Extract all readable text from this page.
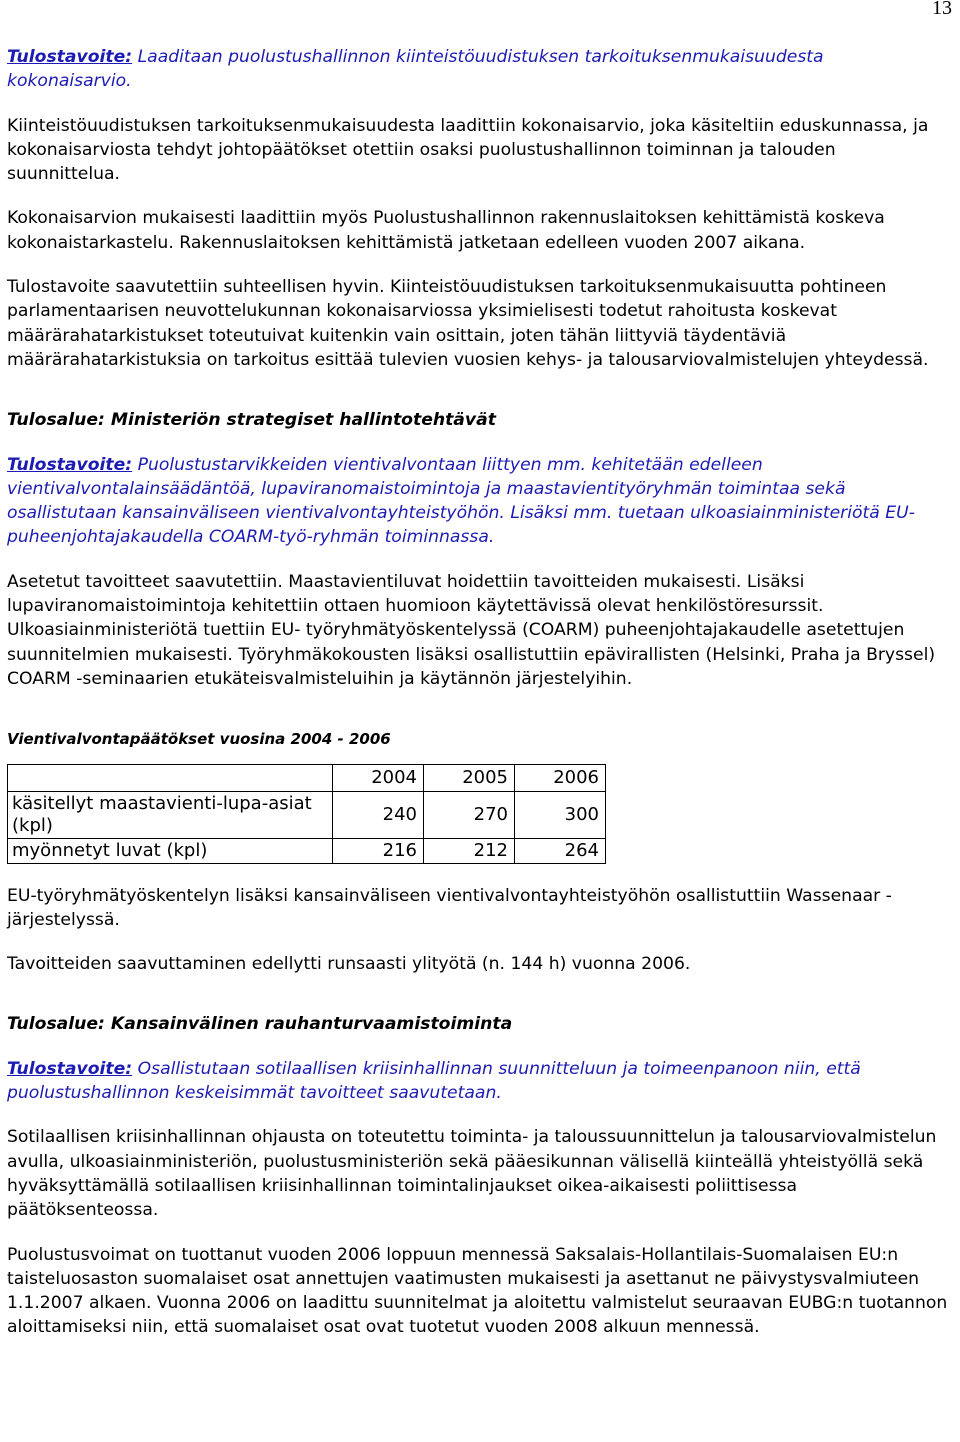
13

Tulostavoite: Laaditaan puolustushallinnon kiinteistöuudistuksen tarkoituksenmukaisuudesta kokonaisarvio.

Kiinteistöuudistuksen tarkoituksenmukaisuudesta laadittiin kokonaisarvio, joka käsiteltiin eduskunnassa, ja kokonaisarviosta tehdyt johtopäätökset otettiin osaksi puolustushallinnon toiminnan ja talouden suunnittelua.

Kokonaisarvion mukaisesti laadittiin myös Puolustushallinnon rakennuslaitoksen kehittämistä koskeva kokonaistarkastelu. Rakennuslaitoksen kehittämistä jatketaan edelleen vuoden 2007 aikana.

Tulostavoite saavutettiin suhteellisen hyvin. Kiinteistöuudistuksen tarkoituksenmukaisuutta pohtineen parlamentaarisen neuvottelukunnan kokonaisarviossa yksimielisesti todetut rahoitusta koskevat määrärahatarkistukset toteutuivat kuitenkin vain osittain, joten tähän liittyviä täydentäviä määrärahatarkistuksia on tarkoitus esittää tulevien vuosien kehys- ja talousarviovalmistelujen yhteydessä.

Tulosalue: Ministeriön strategiset hallintotehtävät

Tulostavoite: Puolustustarvikkeiden vientivalvontaan liittyen mm. kehitetään edelleen vientivalvontalainsäädäntöä, lupaviranomaistoimintoja ja maastavientityöryhmän toimintaa sekä osallistutaan kansainväliseen vientivalvontayhteistyöhön. Lisäksi mm. tuetaan ulkoasiainministeriötä EU-puheenjohtajakaudella COARM-työ-ryhmän toiminnassa.

Asetetut tavoitteet saavutettiin. Maastavientiluvat hoidettiin tavoitteiden mukaisesti. Lisäksi lupaviranomaistoimintoja kehitettiin ottaen huomioon käytettävissä olevat henkilöstöresurssit. Ulkoasiainministeriötä tuettiin EU- työryhmätyöskentelyssä (COARM) puheenjohtajakaudelle asetettujen suunnitelmien mukaisesti. Työryhmäkokousten lisäksi osallistuttiin epävirallisten (Helsinki, Praha ja Bryssel) COARM -seminaarien etukäteisvalmisteluihin ja käytännön järjestelyihin.

Vientivalvontapäätökset vuosina 2004 - 2006

	2004	2005	2006
käsitellyt maastavienti-lupa-asiat (kpl)	240	270	300
myönnetyt luvat (kpl)	216	212	264

EU-työryhmätyöskentelyn lisäksi kansainväliseen vientivalvontayhteistyöhön osallistuttiin Wassenaar -järjestelyssä.

Tavoitteiden saavuttaminen edellytti runsaasti ylityötä (n. 144 h) vuonna 2006.

Tulosalue: Kansainvälinen rauhanturvaamistoiminta

Tulostavoite: Osallistutaan sotilaallisen kriisinhallinnan suunnitteluun ja toimeenpanoon niin, että puolustushallinnon keskeisimmät tavoitteet saavutetaan.

Sotilaallisen kriisinhallinnan ohjausta on toteutettu toiminta- ja taloussuunnittelun ja talousarviovalmistelun avulla, ulkoasiainministeriön, puolustusministeriön sekä pääesikunnan välisellä kiinteällä yhteistyöllä sekä hyväksyttämällä sotilaallisen kriisinhallinnan toimintalinjaukset oikea-aikaisesti poliittisessa päätöksenteossa.

Puolustusvoimat on tuottanut vuoden 2006 loppuun mennessä Saksalais-Hollantilais-Suomalaisen EU:n taisteluosaston suomalaiset osat annettujen vaatimusten mukaisesti ja asettanut ne päivystysvalmiuteen 1.1.2007 alkaen. Vuonna 2006 on laadittu suunnitelmat ja aloitettu valmistelut seuraavan EUBG:n tuotannon aloittamiseksi niin, että suomalaiset osat ovat tuotetut vuoden 2008 alkuun mennessä.
